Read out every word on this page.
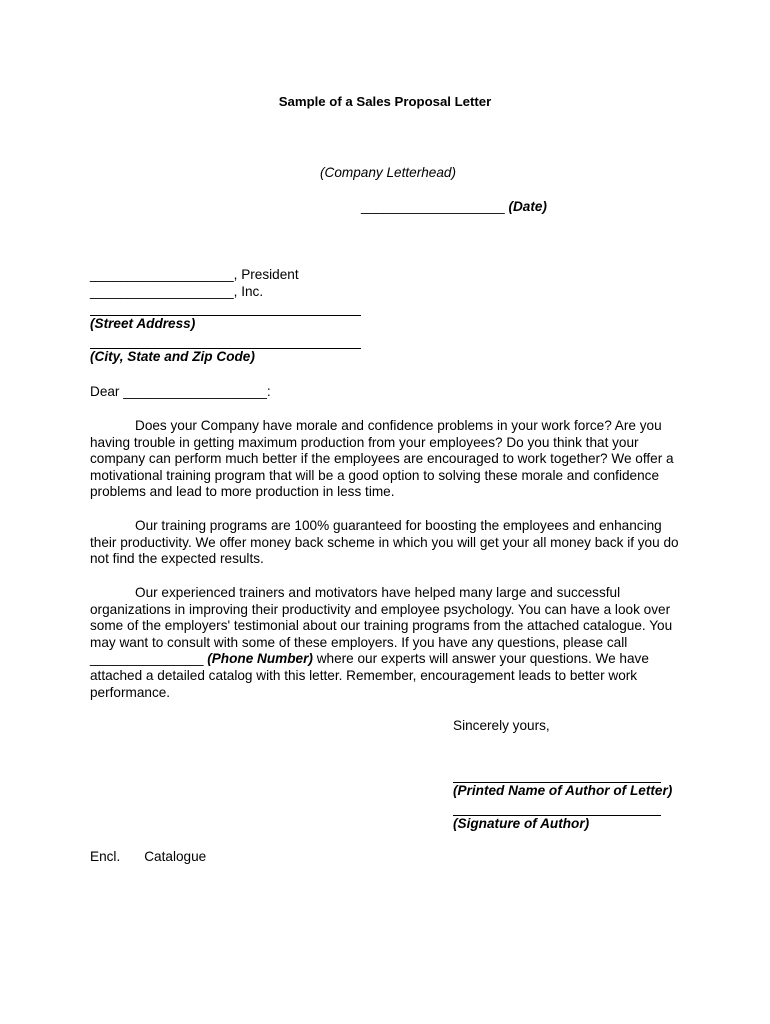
Sample of a Sales Proposal Letter
(Company Letterhead)
___________________ (Date)
___________________, President
___________________, Inc.
(Street Address)
(City, State and Zip Code)
Dear ___________________:
Does your Company have morale and confidence problems in your work force? Are you having trouble in getting maximum production from your employees? Do you think that your company can perform much better if the employees are encouraged to work together? We offer a motivational training program that will be a good option to solving these morale and confidence problems and lead to more production in less time.
Our training programs are 100% guaranteed for boosting the employees and enhancing their productivity. We offer money back scheme in which you will get your all money back if you do not find the expected results.
Our experienced trainers and motivators have helped many large and successful organizations in improving their productivity and employee psychology. You can have a look over some of the employers' testimonial about our training programs from the attached catalogue. You may want to consult with some of these employers. If you have any questions, please call _______________ (Phone Number) where our experts will answer your questions. We have attached a detailed catalog with this letter. Remember, encouragement leads to better work performance.
Sincerely yours,
(Printed Name of Author of Letter)
(Signature of Author)
Encl. Catalogue
